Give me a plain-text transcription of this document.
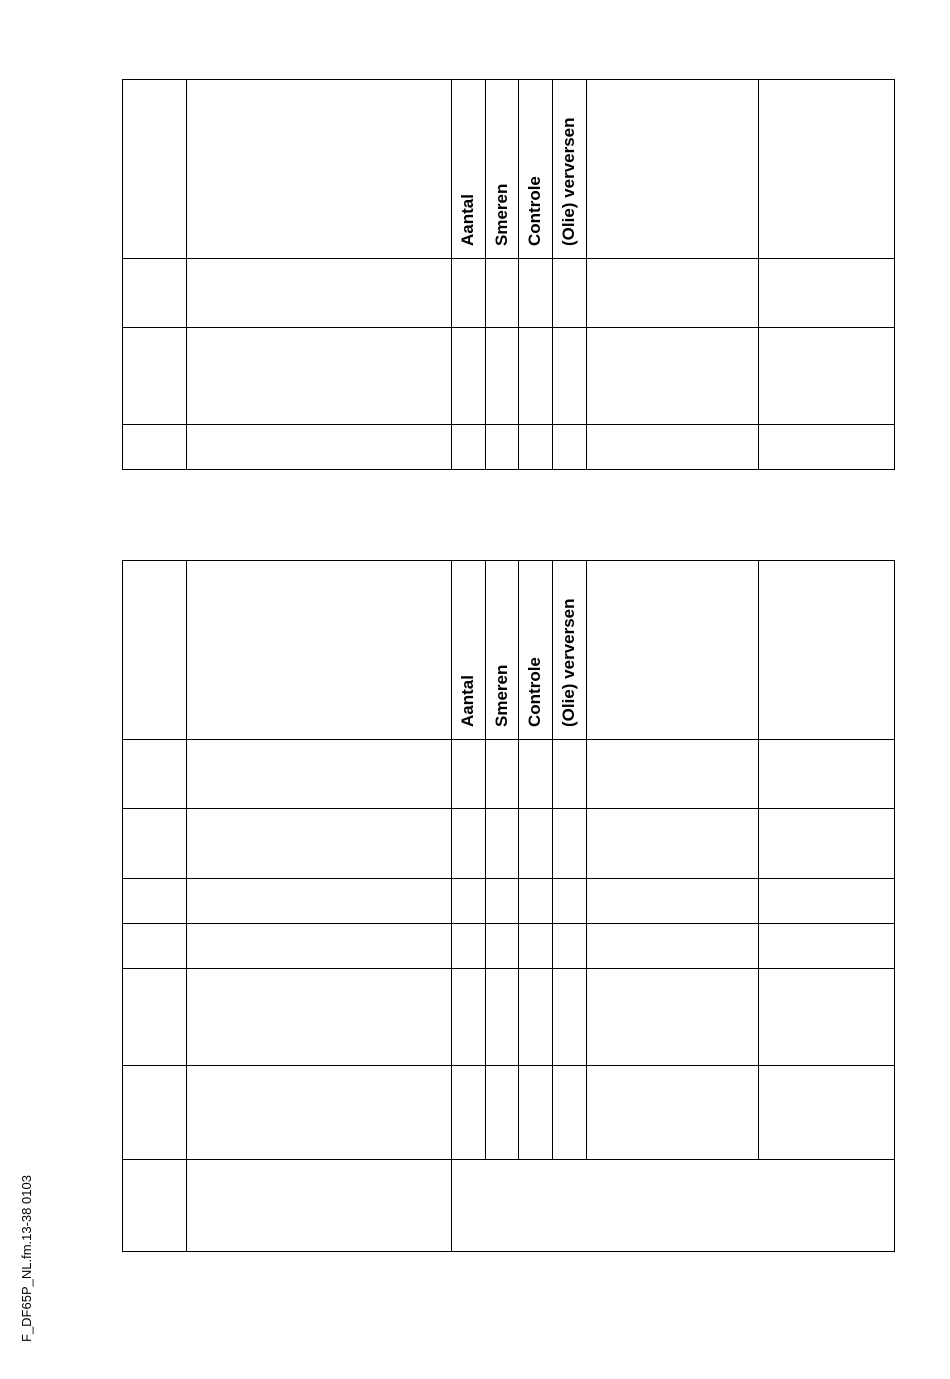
Aantal Smeren Controle (Olie) verversen
Aantal Smeren Controle (Olie) verversen
F_DF65P_NL.fm.13-38 0103
